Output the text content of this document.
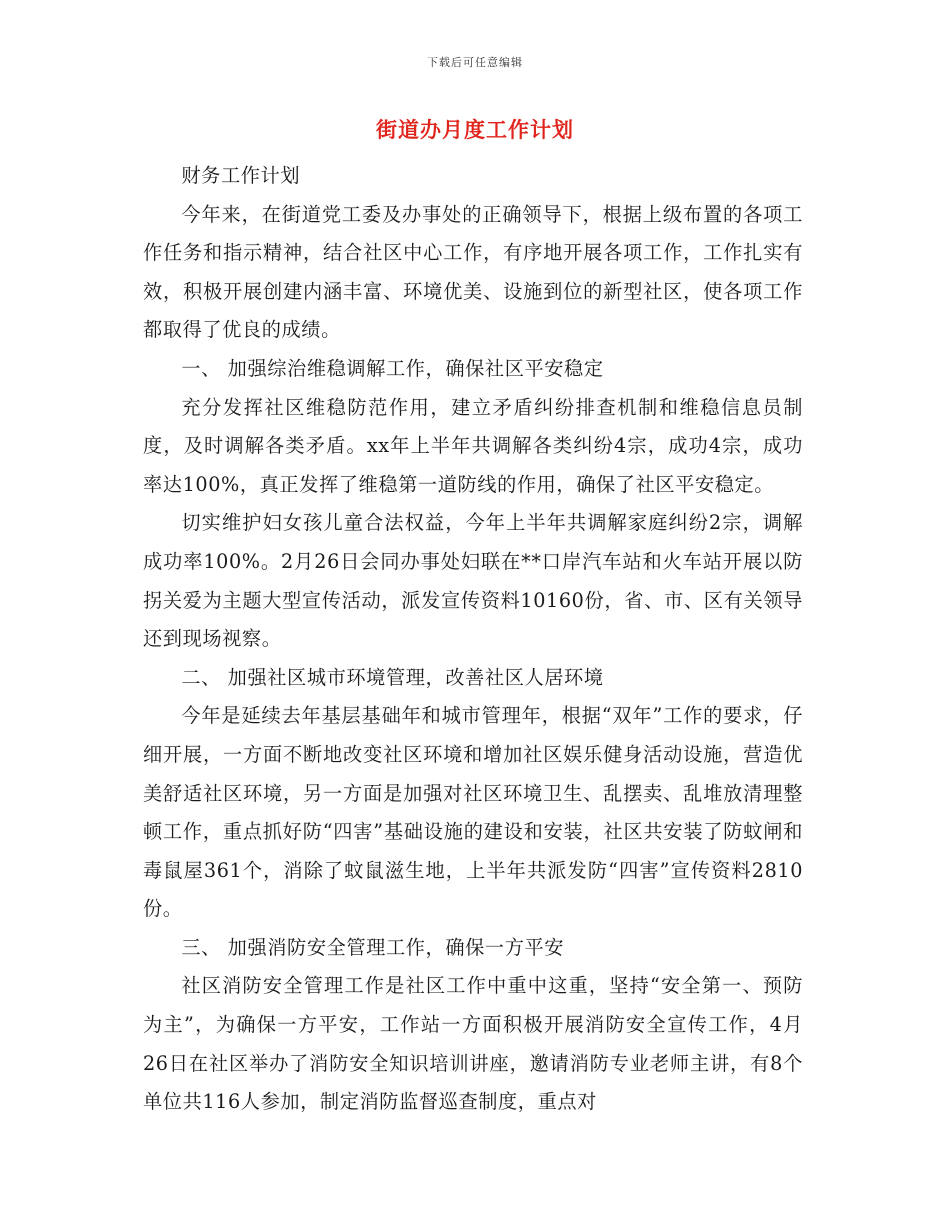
下载后可任意编辑
街道办月度工作计划

财务工作计划

今年来，在街道党工委及办事处的正确领导下，根据上级布置的各项工作任务和指示精神，结合社区中心工作，有序地开展各项工作，工作扎实有效，积极开展创建内涵丰富、环境优美、设施到位的新型社区，使各项工作都取得了优良的成绩。

一、 加强综治维稳调解工作，确保社区平安稳定

充分发挥社区维稳防范作用，建立矛盾纠纷排查机制和维稳信息员制度，及时调解各类矛盾。xx年上半年共调解各类纠纷4宗，成功4宗，成功率达100%，真正发挥了维稳第一道防线的作用，确保了社区平安稳定。

切实维护妇女孩儿童合法权益，今年上半年共调解家庭纠纷2宗，调解成功率100%。2月26日会同办事处妇联在**口岸汽车站和火车站开展以防拐关爱为主题大型宣传活动，派发宣传资料10160份，省、市、区有关领导还到现场视察。

二、 加强社区城市环境管理，改善社区人居环境

今年是延续去年基层基础年和城市管理年，根据“双年”工作的要求，仔细开展，一方面不断地改变社区环境和增加社区娱乐健身活动设施，营造优美舒适社区环境，另一方面是加强对社区环境卫生、乱摆卖、乱堆放清理整顿工作，重点抓好防“四害”基础设施的建设和安装，社区共安装了防蚊闸和毒鼠屋361个，消除了蚊鼠滋生地，上半年共派发防“四害”宣传资料2810份。

三、 加强消防安全管理工作，确保一方平安

社区消防安全管理工作是社区工作中重中这重，坚持“安全第一、预防为主”，为确保一方平安，工作站一方面积极开展消防安全宣传工作，4月26日在社区举办了消防安全知识培训讲座，邀请消防专业老师主讲，有8个单位共116人参加，制定消防监督巡查制度，重点对
